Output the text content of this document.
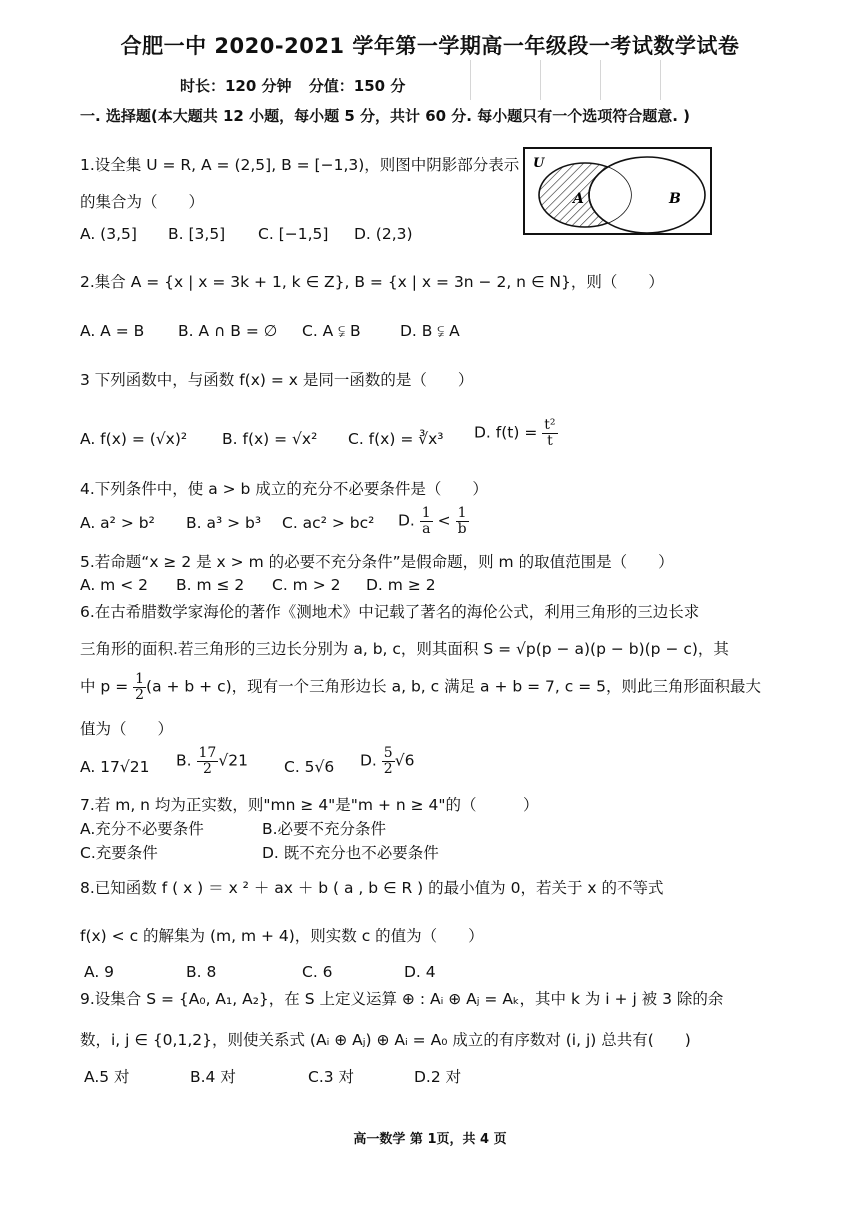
合肥一中 2020-2021 学年第一学期高一年级段一考试数学试卷
时长：120 分钟 分值：150 分
一. 选择题(本大题共 12 小题，每小题 5 分，共计 60 分. 每小题只有一个选项符合题意. )
1.设全集 U = R, A = (2,5], B = [−1,3)，则图中阴影部分表示
的集合为（　　）
U
A	B
A. (3,5] B. [3,5] C. [−1,5] D. (2,3)
2.集合 A = {x | x = 3k + 1, k ∈ Z}, B = {x | x = 3n − 2, n ∈ N}，则（　　）
A. A = B B. A ∩ B = ∅ C. A ⫋ B	D. B ⫋ A
3 下列函数中，与函数 f(x) = x 是同一函数的是（　　）
A. f(x) = (√x)² B. f(x) = √x² C. f(x) = ∛x³ D. $f(t) = \frac{\text{t²}}{t}$
4.下列条件中，使 a > b 成立的充分不必要条件是（　　）
A. a² > b² B. a³ > b³ C. ac² > bc² D. $\frac{1}{a} < \frac{1}{b}$
5.若命题“x ≥ 2 是 x > m 的必要不充分条件”是假命题，则 m 的取值范围是（　　）
A. m < 2 B. m ≤ 2 C. m > 2 D. m ≥ 2
6.在古希腊数学家海伦的著作《测地术》中记载了著名的海伦公式，利用三角形的三边长求
三角形的面积.若三角形的三边长分别为 a, b, c，则其面积 S = √p(p − a)(p − b)(p − c)，其
中 $p = \frac{1}{2} (a + b + c)$，现有一个三角形边长 a, b, c 满足 a + b = 7, c = 5，则此三角形面积最大
值为（　　）
A. 17√21 B. $\frac{17}{2} √21$ C. 5√6 D. $\frac{5}{2} √6$
7.若 m, n 均为正实数，则"mn ≥ 4"是"m + n ≥ 4"的（　　　）
A.充分不必要条件	B.必要不充分条件
C.充要条件	D. 既不充分也不必要条件
8.已知函数 f ( x ) ＝ x ² ＋ ax ＋ b ( a , b ∈ R ) 的最小值为 0，若关于 x 的不等式
f(x) < c 的解集为 (m, m + 4)，则实数 c 的值为（　　）
A. 9	B. 8	C. 6	D. 4
9.设集合 S = {A₀, A₁, A₂}，在 S 上定义运算 ⊕ : Aᵢ ⊕ Aⱼ = Aₖ，其中 k 为 i + j 被 3 除的余
数，i, j ∈ {0,1,2}，则使关系式 (Aᵢ ⊕ Aⱼ) ⊕ Aᵢ = A₀ 成立的有序数对 (i, j) 总共有(　　)
A.5 对	B.4 对	C.3 对	D.2 对
高一数学 第 1页，共 4 页
